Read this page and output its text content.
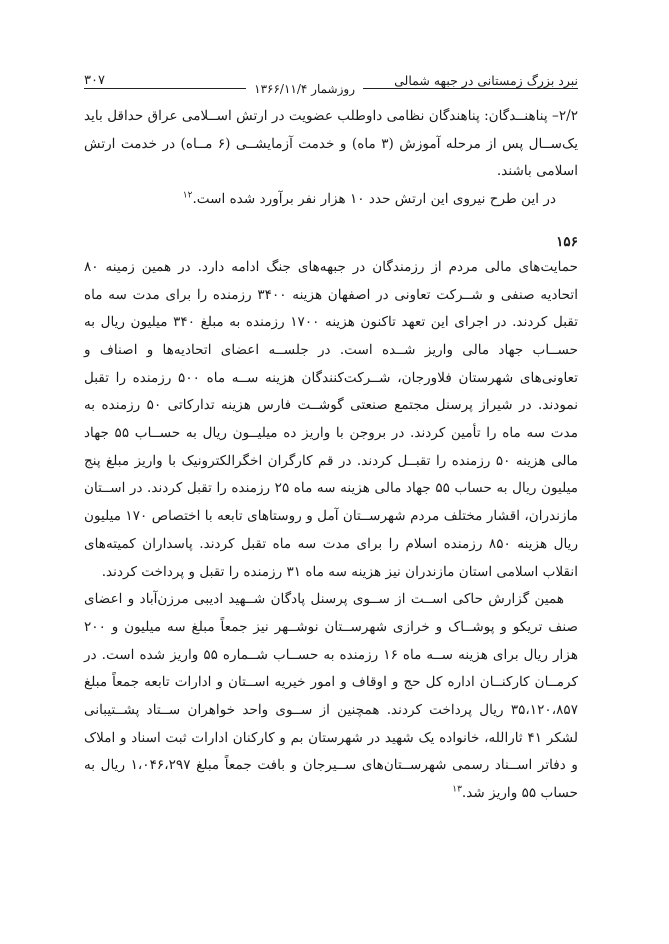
نبرد بزرگ زمستانی در جبهه شمالی
روزشمار ۱۳۶۶/۱۱/۴
۳۰۷

۲/۲– پناهنــدگان: پناهندگان نظامی داوطلب عضویت در ارتش اســلامی عراق حداقل باید یک‌ســال پس از مرحله آموزش (۳ ماه) و خدمت آزمایشــی (۶ مــاه) در خدمت ارتش اسلامی باشند.

در این طرح نیروی این ارتش حدد ۱۰ هزار نفر برآورد شده است.$^{۱۲}$

۱۵۶

حمایت‌های مالی مردم از رزمندگان در جبهه‌های جنگ ادامه دارد. در همین زمینه ۸۰ اتحادیه صنفی و شــرکت تعاونی در اصفهان هزینه ۳۴۰۰ رزمنده را برای مدت سه ماه تقبل کردند. در اجرای این تعهد تاکنون هزینه ۱۷۰۰ رزمنده به مبلغ ۳۴۰ میلیون ریال به حســاب جهاد مالی واریز شــده است. در جلســه اعضای اتحادیه‌ها و اصناف و تعاونی‌های شهرستان فلاورجان، شــرکت‌کنندگان هزینه ســه ماه ۵۰۰ رزمنده را تقبل نمودند. در شیراز پرسنل مجتمع صنعتی گوشــت فارس هزینه تدارکاتی ۵۰ رزمنده به مدت سه ماه را تأمین کردند. در بروجن با واریز ده میلیــون ریال به حســاب ۵۵ جهاد مالی هزینه ۵۰ رزمنده را تقبــل کردند. در قم کارگران اخگرالکترونیک با واریز مبلغ پنج میلیون ریال به حساب ۵۵ جهاد مالی هزینه سه ماه ۲۵ رزمنده را تقبل کردند. در اســتان مازندران، اقشار مختلف مردم شهرســتان آمل و روستاهای تابعه با اختصاص ۱۷۰ میلیون ریال هزینه ۸۵۰ رزمنده اسلام را برای مدت سه ماه تقبل کردند. پاسداران کمیته‌های انقلاب اسلامی استان مازندران نیز هزینه سه ماه ۳۱ رزمنده را تقبل و پرداخت کردند.

همین گزارش حاکی اســت از ســوی پرسنل پادگان شــهید ادیبی مرزن‌آباد و اعضای صنف تریکو و پوشــاک و خرازی شهرســتان نوشــهر نیز جمعاً مبلغ سه میلیون و ۲۰۰ هزار ریال برای هزینه ســه ماه ۱۶ رزمنده به حســاب شــماره ۵۵ واریز شده است. در کرمــان کارکنــان اداره کل حج و اوقاف و امور خیریه اســتان و ادارات تابعه جمعاً مبلغ ۳۵،۱۲۰،۸۵۷ ریال پرداخت کردند. همچنین از ســوی واحد خواهران ســتاد پشــتیبانی لشکر ۴۱ ثارالله، خانواده یک شهید در شهرستان بم و کارکنان ادارات ثبت اسناد و املاک و دفاتر اســناد رسمی شهرســتان‌های ســیرجان و بافت جمعاً مبلغ ۱،۰۴۶،۲۹۷ ریال به حساب ۵۵ واریز شد.$^{۱۳}$
